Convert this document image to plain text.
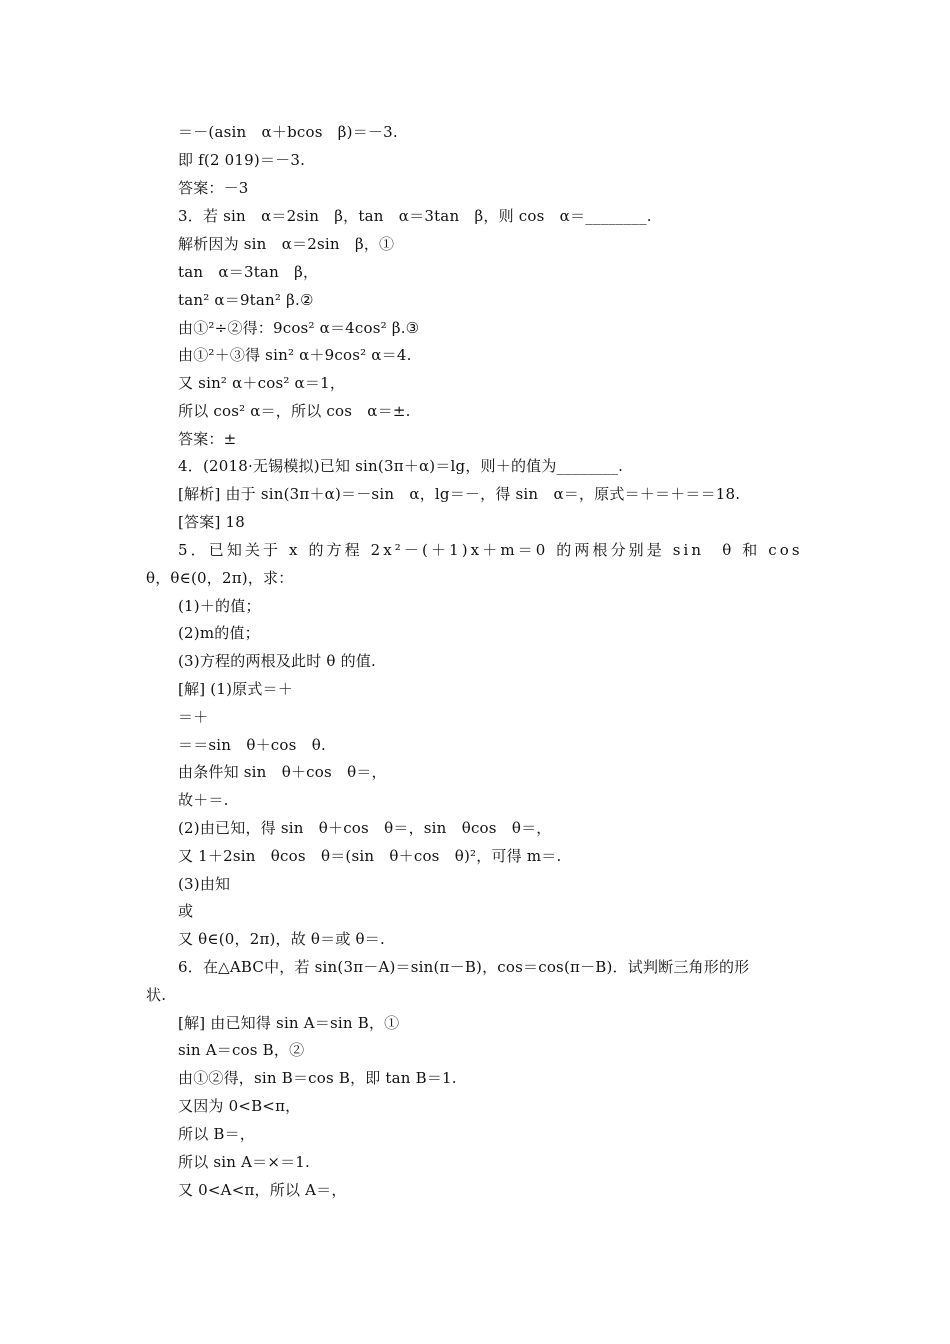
＝－(asin　α＋bcos　β)＝－3.
即 f(2 019)＝－3.
答案：－3
3．若 sin　α＝2sin　β，tan　α＝3tan　β，则 cos　α＝________.
解析因为 sin　α＝2sin　β，①
tan　α＝3tan　β，
tan² α＝9tan² β.②
由①²÷②得：9cos² α＝4cos² β.③
由①²＋③得 sin² α＋9cos² α＝4.
又 sin² α＋cos² α＝1，
所以 cos² α＝，所以 cos　α＝±.
答案：±
4．(2018·无锡模拟)已知 sin(3π＋α)＝lg，则＋的值为________.
[解析] 由于 sin(3π＋α)＝－sin　α，lg＝－，得 sin　α＝，原式＝＋＝＋＝＝18.
[答案] 18
5．已知关于 x 的方程 2x²－(＋1)x＋m＝0 的两根分别是 sin　θ 和 cos
θ，θ∈(0，2π)，求：
(1)＋的值；
(2)m的值；
(3)方程的两根及此时 θ 的值.
[解] (1)原式＝＋
＝＋
＝＝sin　θ＋cos　θ.
由条件知 sin　θ＋cos　θ＝，
故＋＝.
(2)由已知，得 sin　θ＋cos　θ＝，sin　θcos　θ＝，
又 1＋2sin　θcos　θ＝(sin　θ＋cos　θ)²，可得 m＝.
(3)由知
或
又 θ∈(0，2π)，故 θ＝或 θ＝.
6．在△ABC中，若 sin(3π－A)＝sin(π－B)，cos＝cos(π－B)．试判断三角形的形
状.
[解] 由已知得 sin A＝sin B，①
sin A＝cos B，②
由①②得，sin B＝cos B，即 tan B＝1.
又因为 0<B<π，
所以 B＝，
所以 sin A＝×＝1.
又 0<A<π，所以 A＝，
